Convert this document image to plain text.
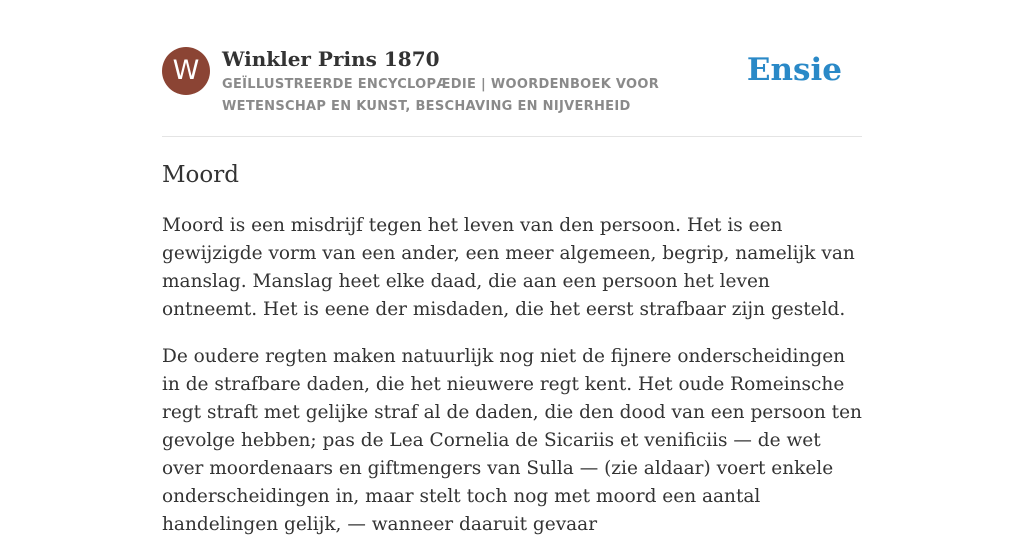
W	Winkler Prins 1870

GEÏLLUSTREERDE ENCYCLOPÆDIE | WOORDENBOEK VOOR WETENSCHAP EN KUNST, BESCHAVING EN NIJVERHEID

Ensie
Moord

Moord is een misdrijf tegen het leven van den persoon. Het is een gewijzigde vorm van een ander, een meer algemeen, begrip, namelijk van manslag. Manslag heet elke daad, die aan een persoon het leven ontneemt. Het is eene der misdaden, die het eerst strafbaar zijn gesteld.

De oudere regten maken natuurlijk nog niet de fijnere onderscheidingen in de strafbare daden, die het nieuwere regt kent. Het oude Romeinsche regt straft met gelijke straf al de daden, die den dood van een persoon ten gevolge hebben; pas de Lea Cornelia de Sicariis et venificiis — de wet over moordenaars en giftmengers van Sulla — (zie aldaar) voert enkele onderscheidingen in, maar stelt toch nog met moord een aantal handelingen gelijk, — wanneer daaruit gevaar
